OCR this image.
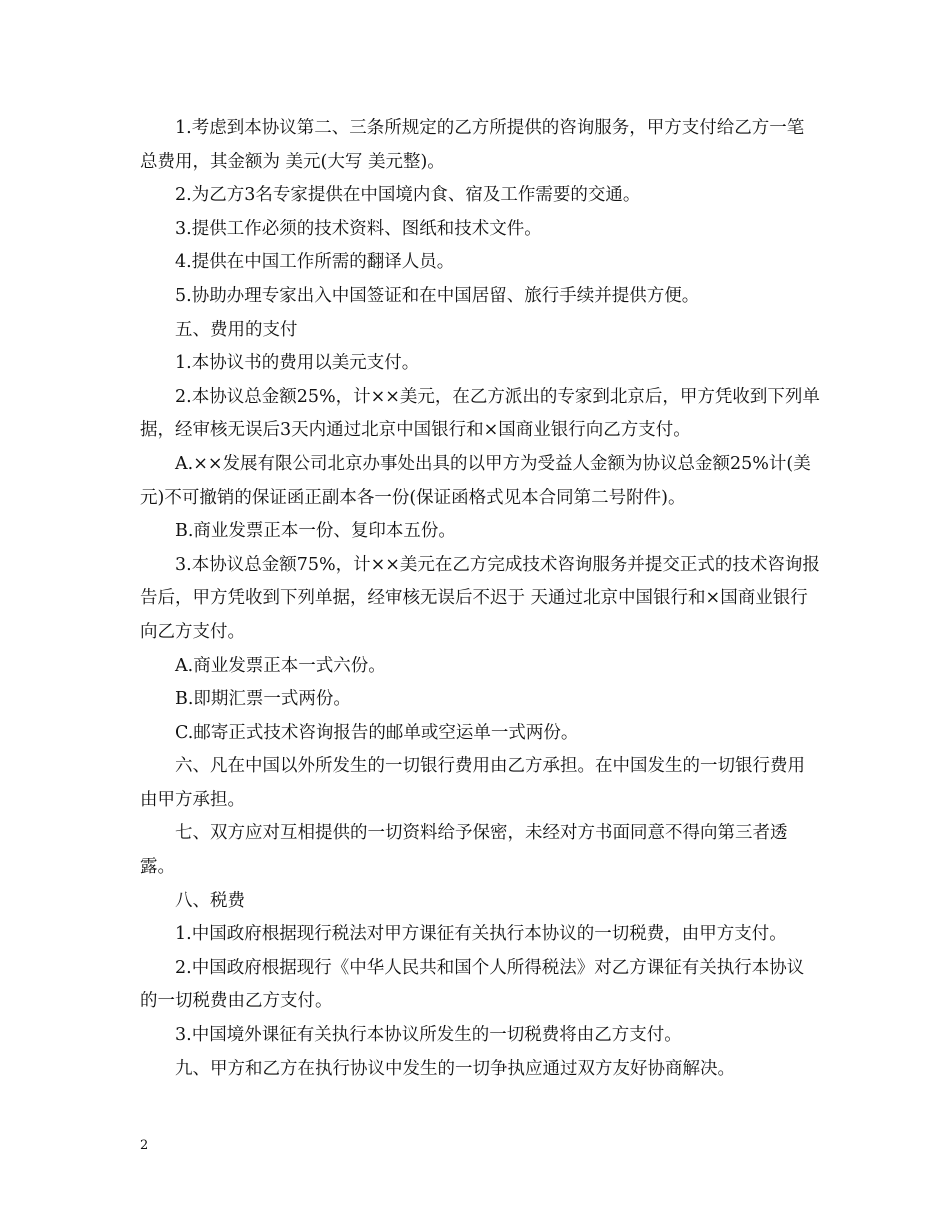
1.考虑到本协议第二、三条所规定的乙方所提供的咨询服务，甲方支付给乙方一笔总费用，其金额为 美元(大写 美元整)。

2.为乙方3名专家提供在中国境内食、宿及工作需要的交通。

3.提供工作必须的技术资料、图纸和技术文件。

4.提供在中国工作所需的翻译人员。

5.协助办理专家出入中国签证和在中国居留、旅行手续并提供方便。

五、费用的支付

1.本协议书的费用以美元支付。

2.本协议总金额25%，计××美元，在乙方派出的专家到北京后，甲方凭收到下列单据，经审核无误后3天内通过北京中国银行和×国商业银行向乙方支付。

A.××发展有限公司北京办事处出具的以甲方为受益人金额为协议总金额25%计(美元)不可撤销的保证函正副本各一份(保证函格式见本合同第二号附件)。

B.商业发票正本一份、复印本五份。

3.本协议总金额75%，计××美元在乙方完成技术咨询服务并提交正式的技术咨询报告后，甲方凭收到下列单据，经审核无误后不迟于 天通过北京中国银行和×国商业银行向乙方支付。

A.商业发票正本一式六份。

B.即期汇票一式两份。

C.邮寄正式技术咨询报告的邮单或空运单一式两份。

六、凡在中国以外所发生的一切银行费用由乙方承担。在中国发生的一切银行费用由甲方承担。

七、双方应对互相提供的一切资料给予保密，未经对方书面同意不得向第三者透露。

八、税费

1.中国政府根据现行税法对甲方课征有关执行本协议的一切税费，由甲方支付。

2.中国政府根据现行《中华人民共和国个人所得税法》对乙方课征有关执行本协议的一切税费由乙方支付。

3.中国境外课征有关执行本协议所发生的一切税费将由乙方支付。

九、甲方和乙方在执行协议中发生的一切争执应通过双方友好协商解决。

2
